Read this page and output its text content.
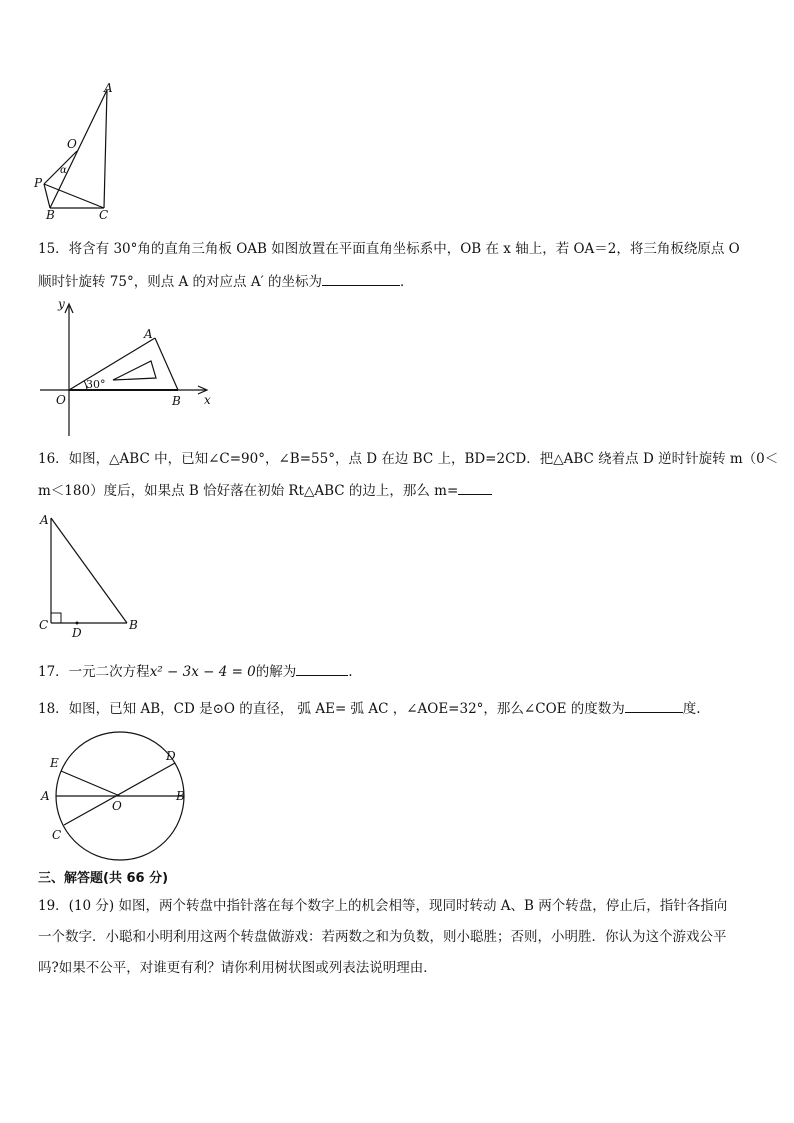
A
O
α
P
B	C
15．将含有 30°角的直角三角板 OAB 如图放置在平面直角坐标系中，OB 在 x 轴上，若 OA＝2，将三角板绕原点 O
顺时针旋转 75°，则点 A 的对应点 A′ 的坐标为	．
y
x
O
A
B
30°
16．如图，△ABC 中，已知∠C=90°，∠B=55°，点 D 在边 BC 上，BD=2CD．把△ABC 绕着点 D 逆时针旋转 m（0＜
m＜180）度后，如果点 B 恰好落在初始 Rt△ABC 的边上，那么 m=
A
C
D
B
17．一元二次方程x² − 3x − 4 = 0的解为	.
18．如图，已知 AB，CD 是⊙O 的直径， 弧 AE= 弧 AC ，∠AOE=32°，那么∠COE 的度数为	度.
E	D
A
O
B
C
三、解答题(共 66 分)
19．(10 分) 如图，两个转盘中指针落在每个数字上的机会相等，现同时转动 A、B 两个转盘，停止后，指针各指向
一个数字．小聪和小明利用这两个转盘做游戏：若两数之和为负数，则小聪胜；否则，小明胜．你认为这个游戏公平
吗?如果不公平，对谁更有利？请你利用树状图或列表法说明理由．
